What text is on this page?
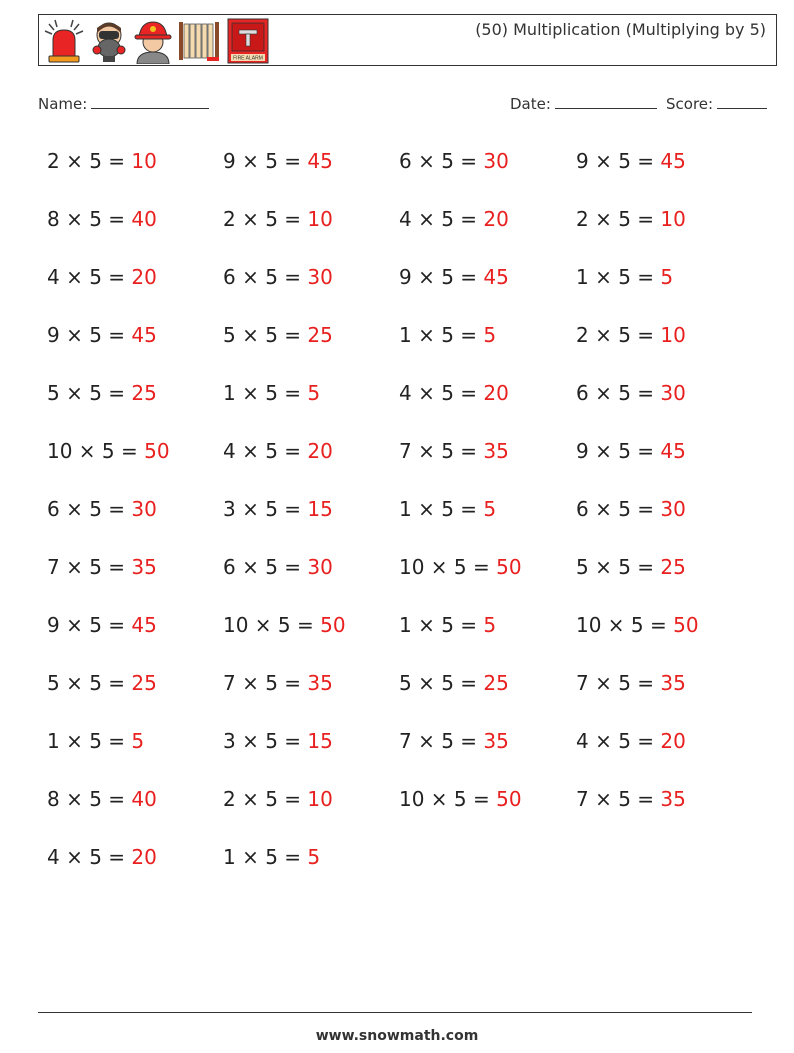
FIRE ALARM
(50) Multiplication (Multiplying by 5)
Name:	Date:	Score:
2 × 5 = 10	9 × 5 = 45	6 × 5 = 30	9 × 5 = 45
8 × 5 = 40	2 × 5 = 10	4 × 5 = 20	2 × 5 = 10
4 × 5 = 20	6 × 5 = 30	9 × 5 = 45	1 × 5 = 5
9 × 5 = 45	5 × 5 = 25	1 × 5 = 5	2 × 5 = 10
5 × 5 = 25	1 × 5 = 5	4 × 5 = 20	6 × 5 = 30
10 × 5 = 50	4 × 5 = 20	7 × 5 = 35	9 × 5 = 45
6 × 5 = 30	3 × 5 = 15	1 × 5 = 5	6 × 5 = 30
7 × 5 = 35	6 × 5 = 30	10 × 5 = 50	5 × 5 = 25
9 × 5 = 45	10 × 5 = 50	1 × 5 = 5	10 × 5 = 50
5 × 5 = 25	7 × 5 = 35	5 × 5 = 25	7 × 5 = 35
1 × 5 = 5	3 × 5 = 15	7 × 5 = 35	4 × 5 = 20
8 × 5 = 40	2 × 5 = 10	10 × 5 = 50	7 × 5 = 35
4 × 5 = 20	1 × 5 = 5
www.snowmath.com
